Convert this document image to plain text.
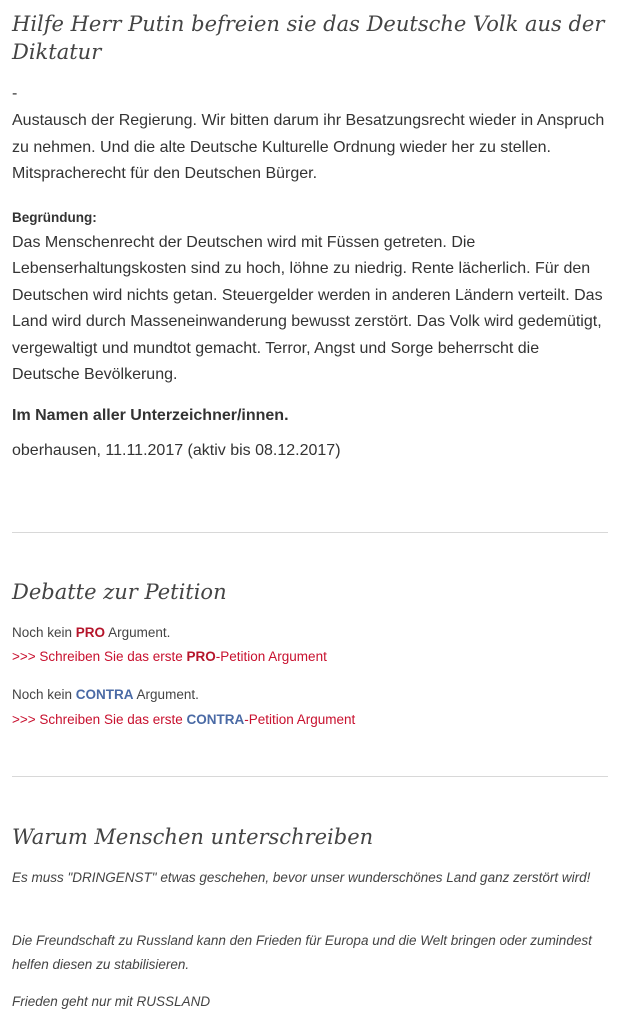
Hilfe Herr Putin befreien sie das Deutsche Volk aus der Diktatur
-

Austausch der Regierung. Wir bitten darum ihr Besatzungsrecht wieder in Anspruch zu nehmen. Und die alte Deutsche Kulturelle Ordnung wieder her zu stellen. Mitspracherecht für den Deutschen Bürger.

Begründung:

Das Menschenrecht der Deutschen wird mit Füssen getreten. Die Lebenserhaltungskosten sind zu hoch, löhne zu niedrig. Rente lächerlich. Für den Deutschen wird nichts getan. Steuergelder werden in anderen Ländern verteilt. Das Land wird durch Masseneinwanderung bewusst zerstört. Das Volk wird gedemütigt, vergewaltigt und mundtot gemacht. Terror, Angst und Sorge beherrscht die Deutsche Bevölkerung.

Im Namen aller Unterzeichner/innen.
oberhausen, 11.11.2017 (aktiv bis 08.12.2017)
Debatte zur Petition
Noch kein PRO Argument.
>>> Schreiben Sie das erste PRO-Petition Argument
Noch kein CONTRA Argument.
>>> Schreiben Sie das erste CONTRA-Petition Argument
Warum Menschen unterschreiben
Es muss "DRINGENST" etwas geschehen, bevor unser wunderschönes Land ganz zerstört wird!
Die Freundschaft zu Russland kann den Frieden für Europa und die Welt bringen oder zumindest helfen diesen zu stabilisieren.
Frieden geht nur mit RUSSLAND
